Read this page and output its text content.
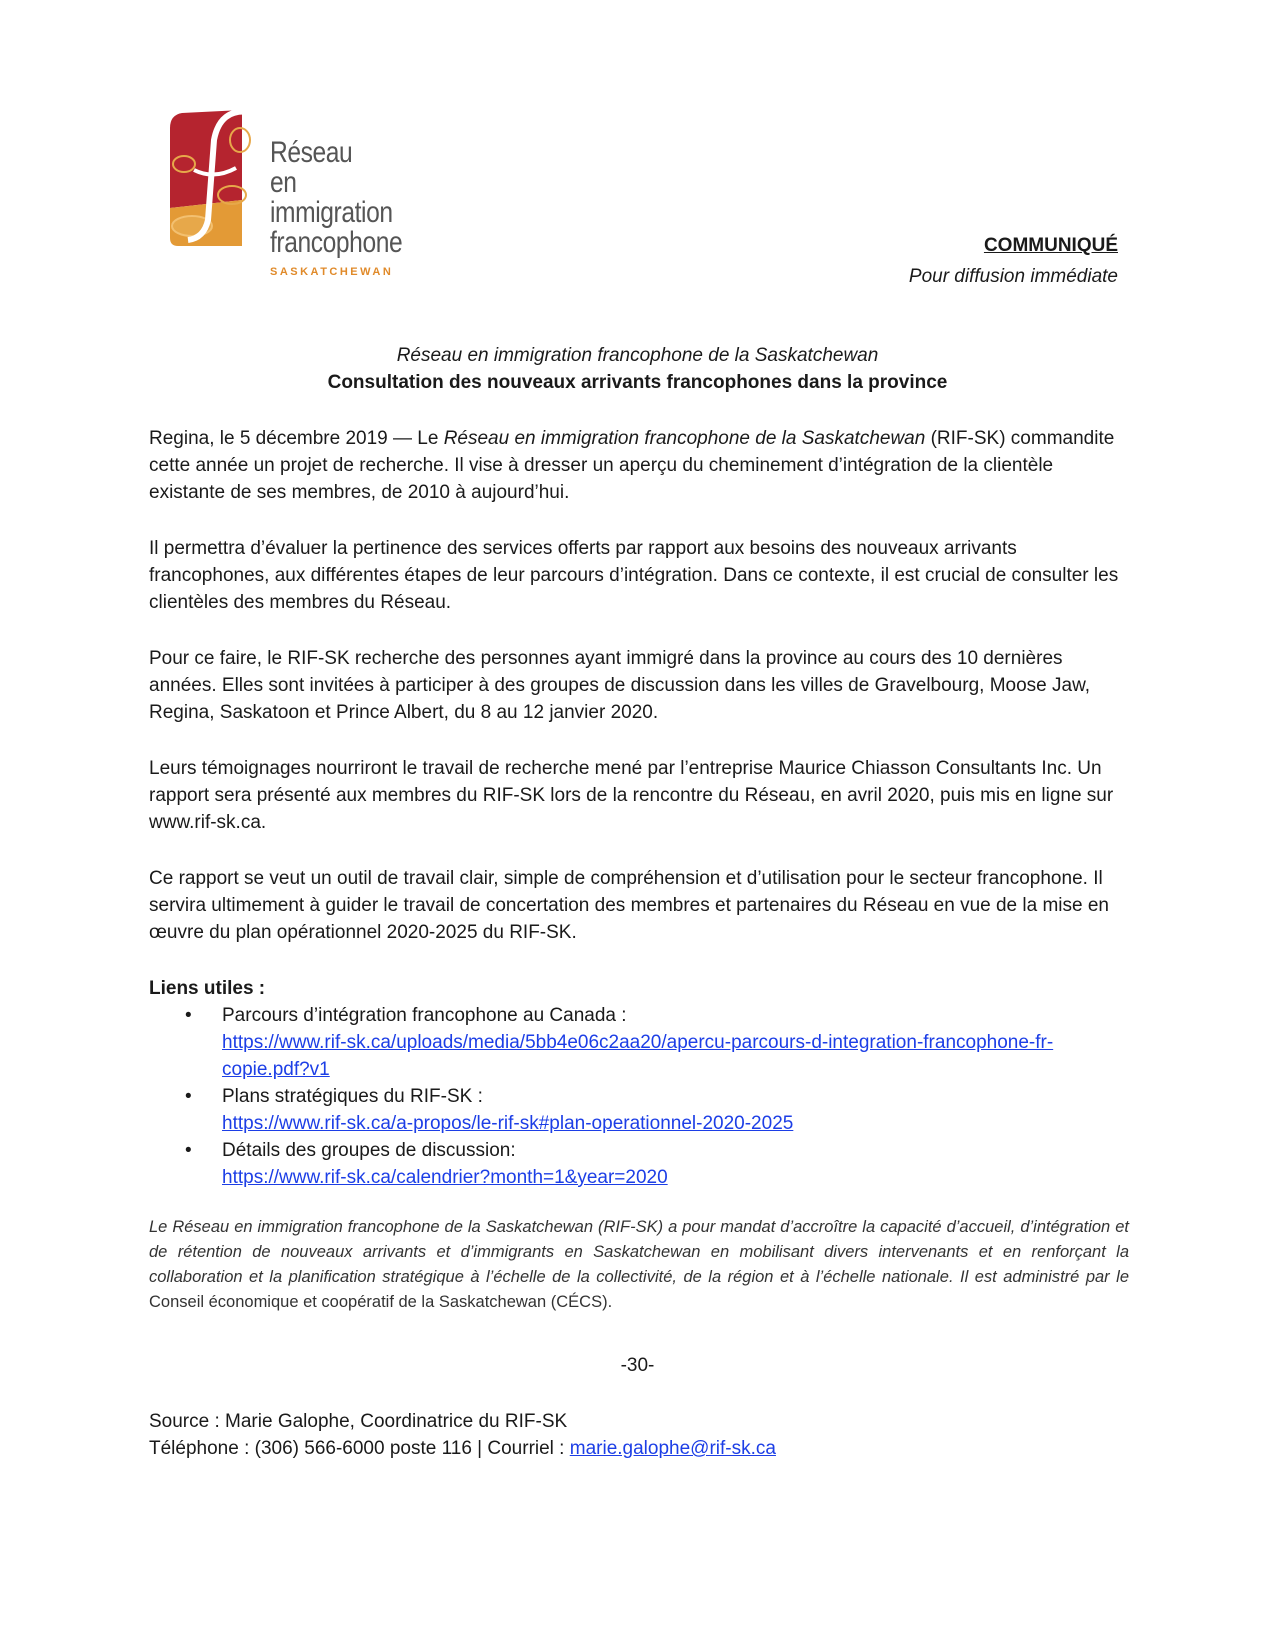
Réseau
en immigration
francophone
SASKATCHEWAN
COMMUNIQUÉ
Pour diffusion immédiate
Réseau en immigration francophone de la Saskatchewan
Consultation des nouveaux arrivants francophones dans la province

Regina, le 5 décembre 2019 — Le Réseau en immigration francophone de la Saskatchewan (RIF-SK) commandite cette année un projet de recherche. Il vise à dresser un aperçu du cheminement d’intégration de la clientèle existante de ses membres, de 2010 à aujourd’hui.

Il permettra d’évaluer la pertinence des services offerts par rapport aux besoins des nouveaux arrivants francophones, aux différentes étapes de leur parcours d’intégration. Dans ce contexte, il est crucial de consulter les clientèles des membres du Réseau.

Pour ce faire, le RIF-SK recherche des personnes ayant immigré dans la province au cours des 10 dernières années. Elles sont invitées à participer à des groupes de discussion dans les villes de Gravelbourg, Moose Jaw, Regina, Saskatoon et Prince Albert, du 8 au 12 janvier 2020.

Leurs témoignages nourriront le travail de recherche mené par l’entreprise Maurice Chiasson Consultants Inc. Un rapport sera présenté aux membres du RIF-SK lors de la rencontre du Réseau, en avril 2020, puis mis en ligne sur www.rif-sk.ca.

Ce rapport se veut un outil de travail clair, simple de compréhension et d’utilisation pour le secteur francophone. Il servira ultimement à guider le travail de concertation des membres et partenaires du Réseau en vue de la mise en œuvre du plan opérationnel 2020-2025 du RIF-SK.

Liens utiles :
• Parcours d’intégration francophone au Canada :
https://www.rif-sk.ca/uploads/media/5bb4e06c2aa20/apercu-parcours-d-integration-francophone-fr-copie.pdf?v1
• Plans stratégiques du RIF-SK :
https://www.rif-sk.ca/a-propos/le-rif-sk#plan-operationnel-2020-2025
• Détails des groupes de discussion:
https://www.rif-sk.ca/calendrier?month=1&year=2020
Le Réseau en immigration francophone de la Saskatchewan (RIF-SK) a pour mandat d’accroître la capacité d’accueil, d’intégration et de rétention de nouveaux arrivants et d’immigrants en Saskatchewan en mobilisant divers intervenants et en renforçant la collaboration et la planification stratégique à l’échelle de la collectivité, de la région et à l’échelle nationale. Il est administré par le Conseil économique et coopératif de la Saskatchewan (CÉCS).
-30-
Source : Marie Galophe, Coordinatrice du RIF-SK
Téléphone : (306) 566-6000 poste 116 | Courriel : marie.galophe@rif-sk.ca
